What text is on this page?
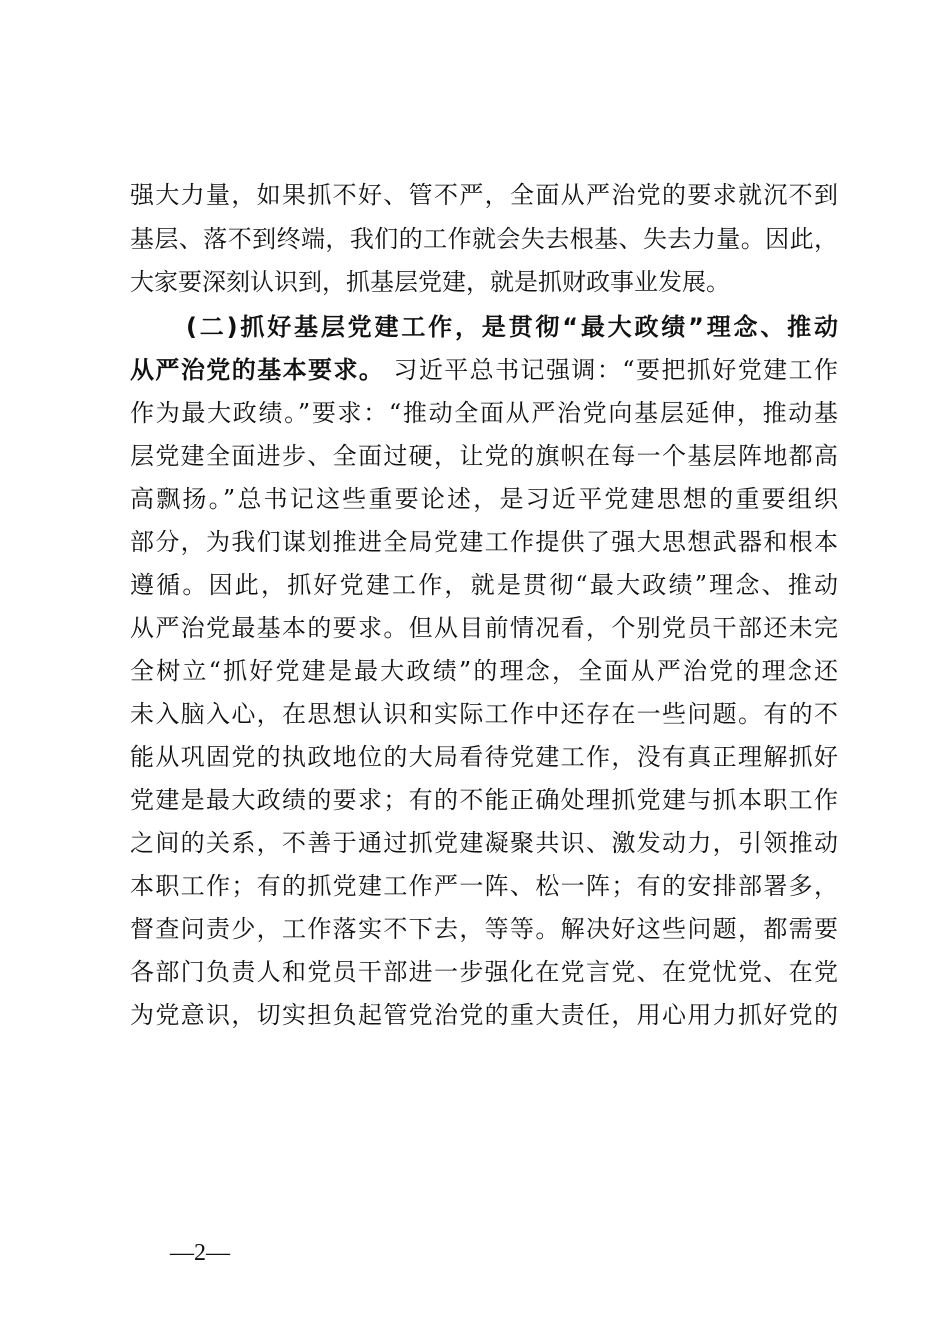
强大力量，如果抓不好、管不严，全面从严治党的要求就沉不到
基层、落不到终端，我们的工作就会失去根基、失去力量。因此，
大家要深刻认识到，抓基层党建，就是抓财政事业发展。
(二)抓好基层党建工作，是贯彻“最大政绩”理念、推动
从严治党的基本要求。 习近平总书记强调：“要把抓好党建工作
作为最大政绩。”要求：“推动全面从严治党向基层延伸，推动基
层党建全面进步、全面过硬，让党的旗帜在每一个基层阵地都高
高飘扬。”总书记这些重要论述，是习近平党建思想的重要组织
部分，为我们谋划推进全局党建工作提供了强大思想武器和根本
遵循。因此，抓好党建工作，就是贯彻“最大政绩”理念、推动
从严治党最基本的要求。但从目前情况看，个别党员干部还未完
全树立“抓好党建是最大政绩”的理念，全面从严治党的理念还
未入脑入心，在思想认识和实际工作中还存在一些问题。有的不
能从巩固党的执政地位的大局看待党建工作，没有真正理解抓好
党建是最大政绩的要求；有的不能正确处理抓党建与抓本职工作
之间的关系，不善于通过抓党建凝聚共识、激发动力，引领推动
本职工作；有的抓党建工作严一阵、松一阵；有的安排部署多，
督查问责少，工作落实不下去，等等。解决好这些问题，都需要
各部门负责人和党员干部进一步强化在党言党、在党忧党、在党
为党意识，切实担负起管党治党的重大责任，用心用力抓好党的
—2—
